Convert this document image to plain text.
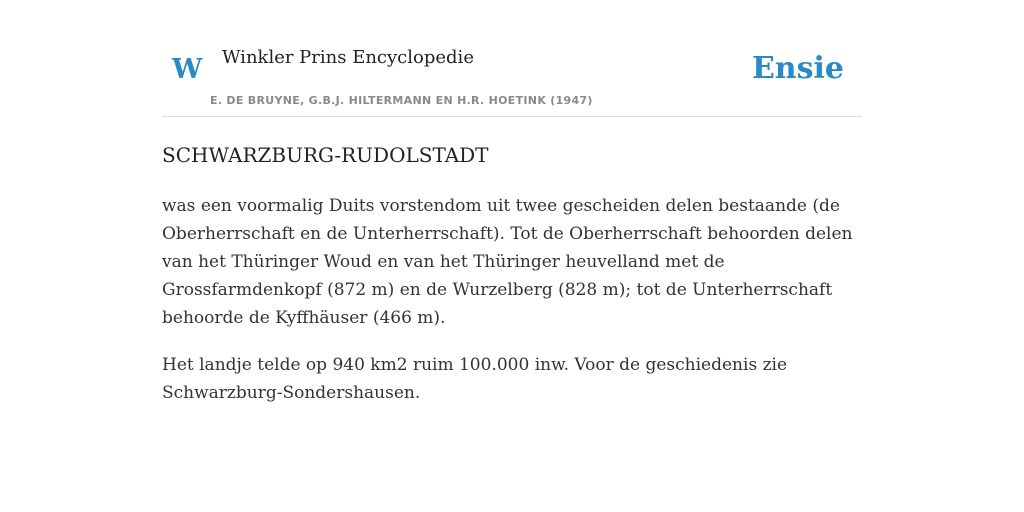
W Winkler Prins Encyclopedie
E. DE BRUYNE, G.B.J. HILTERMANN EN H.R. HOETINK (1947)
Ensie
SCHWARZBURG-RUDOLSTADT

was een voormalig Duits vorstendom uit twee gescheiden delen bestaande (de Oberherrschaft en de Unterherrschaft). Tot de Oberherrschaft behoorden delen van het Thüringer Woud en van het Thüringer heuvelland met de Grossfarmdenkopf (872 m) en de Wurzelberg (828 m); tot de Unterherrschaft behoorde de Kyffhäuser (466 m).

Het landje telde op 940 km2 ruim 100.000 inw. Voor de geschiedenis zie Schwarzburg-Sondershausen.
